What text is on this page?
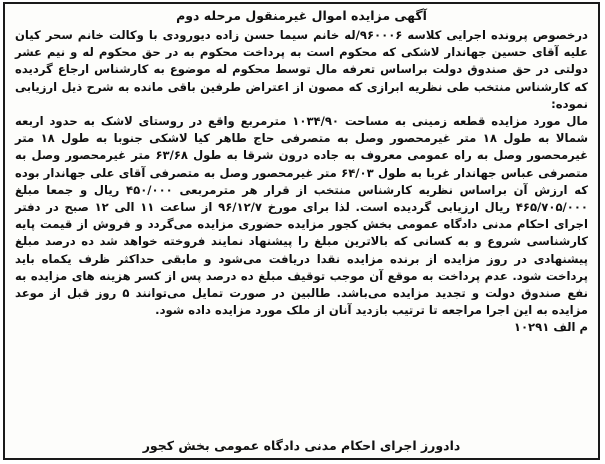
آگهی مزایده اموال غیرمنقول مرحله دوم

درخصوص پرونده اجرایی کلاسه ۹۶۰۰۰۶/له خانم سیما حسن زاده دیورودی با وکالت خانم سحر کیان علیه آقای حسین جهاندار لاشکی که محکوم است به پرداخت محکوم به در حق محکوم له و نیم عشر دولتی در حق صندوق دولت براساس تعرفه مال توسط محکوم له موضوع به کارشناس ارجاع گردیده که کارشناس منتخب طی نظریه ابرازی که مصون از اعتراض طرفین باقی مانده به شرح ذیل ارزیابی نموده:

مال مورد مزایده قطعه زمینی به مساحت ۱۰۳۴/۹۰ مترمربع واقع در روستای لاشک به حدود اربعه شمالا به طول ۱۸ متر غیرمحصور وصل به متصرفی حاج طاهر کیا لاشکی جنوبا به طول ۱۸ متر غیرمحصور وصل به راه عمومی معروف به جاده درون شرقا به طول ۶۳/۶۸ متر غیرمحصور وصل به متصرفی عباس جهاندار غربا به طول ۶۴/۰۳ متر غیرمحصور وصل به متصرفی آقای علی جهاندار بوده که ارزش آن براساس نظریه کارشناس منتخب از قرار هر مترمربعی ۴۵۰/۰۰۰ ریال و جمعا مبلغ ۴۶۵/۷۰۵/۰۰۰ ریال ارزیابی گردیده است. لذا برای مورخ ۹۶/۱۲/۷ از ساعت ۱۱ الی ۱۲ صبح در دفتر اجرای احکام مدنی دادگاه عمومی بخش کجور مزایده حضوری مزایده می‌گردد و فروش از قیمت پایه کارشناسی شروع و به کسانی که بالاترین مبلغ را پیشنهاد نمایند فروخته خواهد شد ده درصد مبلغ پیشنهادی در روز مزایده از برنده مزایده نقدا دریافت می‌شود و مابقی حداکثر ظرف یکماه باید پرداخت شود. عدم پرداخت به موقع آن موجب توقیف مبلغ ده درصد پس از کسر هزینه های مزایده به نفع صندوق دولت و تجدید مزایده می‌باشد. طالبین در صورت تمایل می‌توانند ۵ روز قبل از موعد مزایده به این اجرا مراجعه تا ترتیب بازدید آنان از ملک مورد مزایده داده شود.

م الف ۱۰۲۹۱

دادورز اجرای احکام مدنی دادگاه عمومی بخش کجور
